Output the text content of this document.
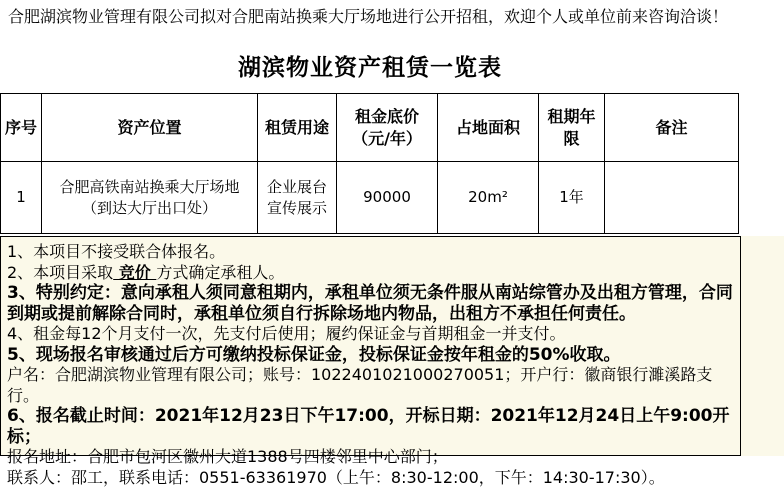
合肥湖滨物业管理有限公司拟对合肥南站换乘大厅场地进行公开招租，欢迎个人或单位前来咨询洽谈！
湖滨物业资产租赁一览表
序号	资产位置	租赁用途	租金底价（元/年）	占地面积	租期年限	备注
1	合肥高铁南站换乘大厅场地（到达大厅出口处）	企业展台宣传展示	90000	20m²	1年	
1、本项目不接受联合体报名。
2、本项目采取 竞价 方式确定承租人。
3、特别约定：意向承租人须同意租期内，承租单位须无条件服从南站综管办及出租方管理，合同到期或提前解除合同时，承租单位须自行拆除场地内物品，出租方不承担任何责任。
4、租金每12个月支付一次，先支付后使用；履约保证金与首期租金一并支付。
5、现场报名审核通过后方可缴纳投标保证金，投标保证金按年租金的50%收取。
户名：合肥湖滨物业管理有限公司；账号：1022401021000270051；开户行：徽商银行濉溪路支行。
6、报名截止时间：2021年12月23日下午17:00，开标日期：2021年12月24日上午9:00开标；
报名地址：合肥市包河区徽州大道1388号四楼邻里中心部门；
联系人：邵工，联系电话：0551-63361970（上午：8:30-12:00，下午：14:30-17:30）。
